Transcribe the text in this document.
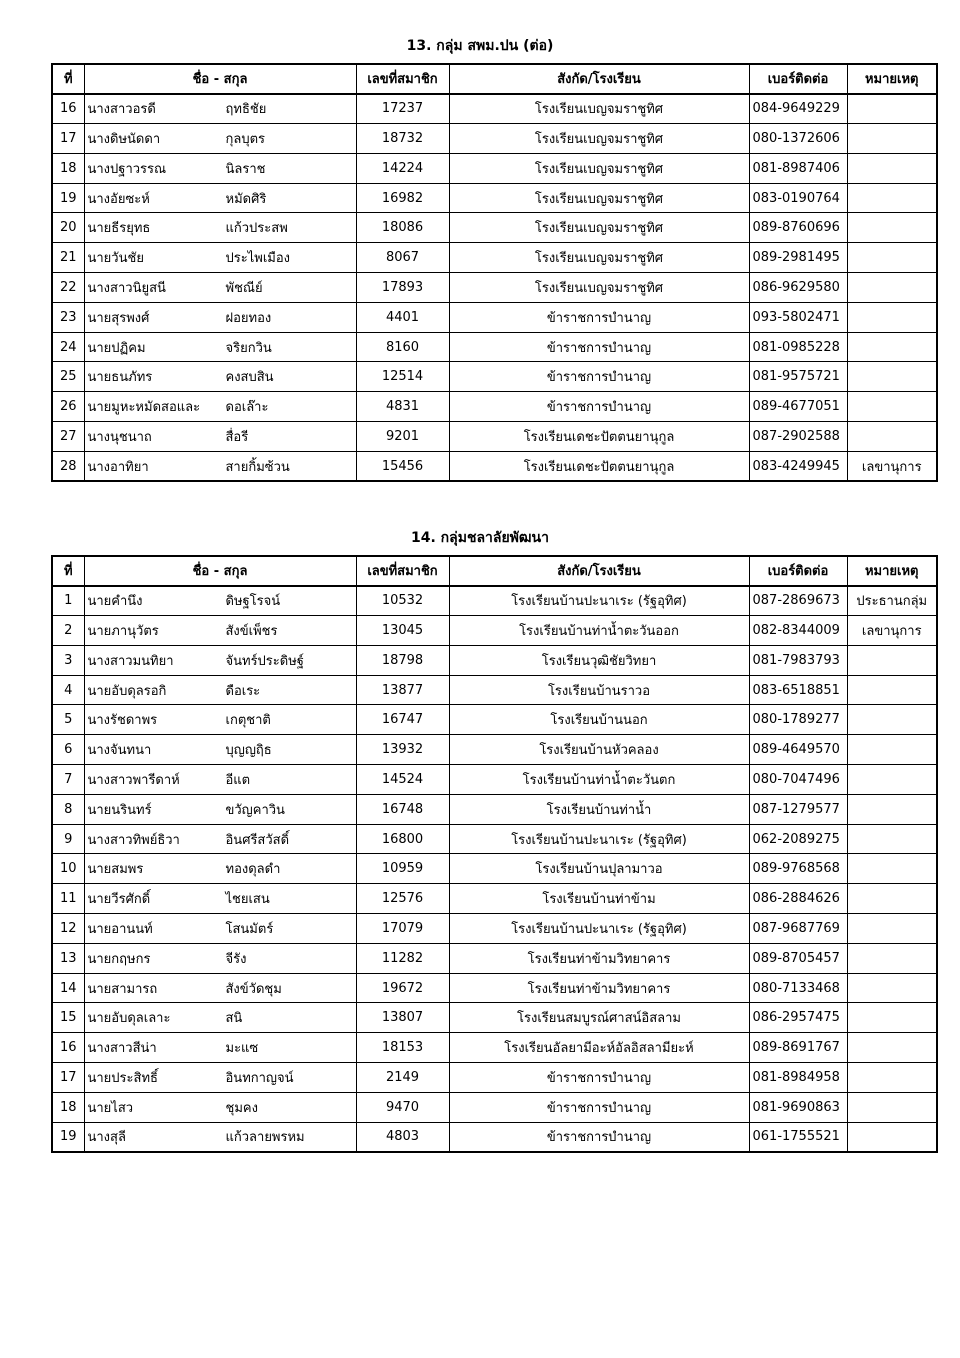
13. กลุ่ม สพม.ปน (ต่อ)
ที่	ชื่อ - สกุล	เลขที่สมาชิก	สังกัด/โรงเรียน	เบอร์ติดต่อ	หมายเหตุ
16	นางสาวอรดี ฤทธิชัย	17237	โรงเรียนเบญจมราชูทิศ	084-9649229	
17	นางดิษนัดดา กุลบุตร	18732	โรงเรียนเบญจมราชูทิศ	080-1372606	
18	นางปฐาวรรณ นิลราช	14224	โรงเรียนเบญจมราชูทิศ	081-8987406	
19	นางอัยซะห์ หมัดศิริ	16982	โรงเรียนเบญจมราชูทิศ	083-0190764	
20	นายธีรยุทธ แก้วประสพ	18086	โรงเรียนเบญจมราชูทิศ	089-8760696	
21	นายวันชัย ประไพเมือง	8067	โรงเรียนเบญจมราชูทิศ	089-2981495	
22	นางสาวนิยูสนี พัชณีย์	17893	โรงเรียนเบญจมราชูทิศ	086-9629580	
23	นายสุรพงศ์ ฝอยทอง	4401	ข้าราชการบำนาญ	093-5802471	
24	นายปฏิคม จริยกวิน	8160	ข้าราชการบำนาญ	081-0985228	
25	นายธนภัทร คงสบสิน	12514	ข้าราชการบำนาญ	081-9575721	
26	นายมูหะหมัดสอและ ดอเล๊าะ	4831	ข้าราชการบำนาญ	089-4677051	
27	นางนุชนาถ สื่อรี	9201	โรงเรียนเดชะปัตตนยานุกูล	087-2902588	
28	นางอาทิยา สายกิ้มซ้วน	15456	โรงเรียนเดชะปัตตนยานุกูล	083-4249945	เลขานุการ
14. กลุ่มชลาลัยพัฒนา
ที่	ชื่อ - สกุล	เลขที่สมาชิก	สังกัด/โรงเรียน	เบอร์ติดต่อ	หมายเหตุ
1	นายคำนึง ดิษฐโรจน์	10532	โรงเรียนบ้านปะนาเระ (รัฐอุทิศ)	087-2869673	ประธานกลุ่ม
2	นายภานุวัตร สังข์เพ็ชร	13045	โรงเรียนบ้านท่าน้ำตะวันออก	082-8344009	เลขานุการ
3	นางสาวมนทิยา จันทร์ประดิษฐ์	18798	โรงเรียนวุฒิชัยวิทยา	081-7983793	
4	นายอับดุลรอกิ ดือเระ	13877	โรงเรียนบ้านราวอ	083-6518851	
5	นางรัชดาพร เกตุชาติ	16747	โรงเรียนบ้านนอก	080-1789277	
6	นางจันทนา บุญญฤิธ	13932	โรงเรียนบ้านหัวคลอง	089-4649570	
7	นางสาวพารีดาห์ อีแต	14524	โรงเรียนบ้านท่าน้ำตะวันตก	080-7047496	
8	นายนรินทร์ ขวัญคาวิน	16748	โรงเรียนบ้านท่าน้ำ	087-1279577	
9	นางสาวทิพย์ธิวา อินศรีสวัสดิ์	16800	โรงเรียนบ้านปะนาเระ (รัฐอุทิศ)	062-2089275	
10	นายสมพร ทองดุลดำ	10959	โรงเรียนบ้านปุลามาวอ	089-9768568	
11	นายวีรศักดิ์ ไชยเสน	12576	โรงเรียนบ้านท่าข้าม	086-2884626	
12	นายอานนท์ โสนมัตร์	17079	โรงเรียนบ้านปะนาเระ (รัฐอุทิศ)	087-9687769	
13	นายกฤษกร จีรัง	11282	โรงเรียนท่าข้ามวิทยาคาร	089-8705457	
14	นายสามารถ สังข์วัดชุม	19672	โรงเรียนท่าข้ามวิทยาคาร	080-7133468	
15	นายอับดุลเลาะ สนิ	13807	โรงเรียนสมบูรณ์ศาสน์อิสลาม	086-2957475	
16	นางสาวสีน่า มะแซ	18153	โรงเรียนอัลยามีอะห์อัลอิสลามียะห์	089-8691767	
17	นายประสิทธิ์ อินทกาญจน์	2149	ข้าราชการบำนาญ	081-8984958	
18	นายไสว ชุมคง	9470	ข้าราชการบำนาญ	081-9690863	
19	นางสุลี แก้วลายพรหม	4803	ข้าราชการบำนาญ	061-1755521	
